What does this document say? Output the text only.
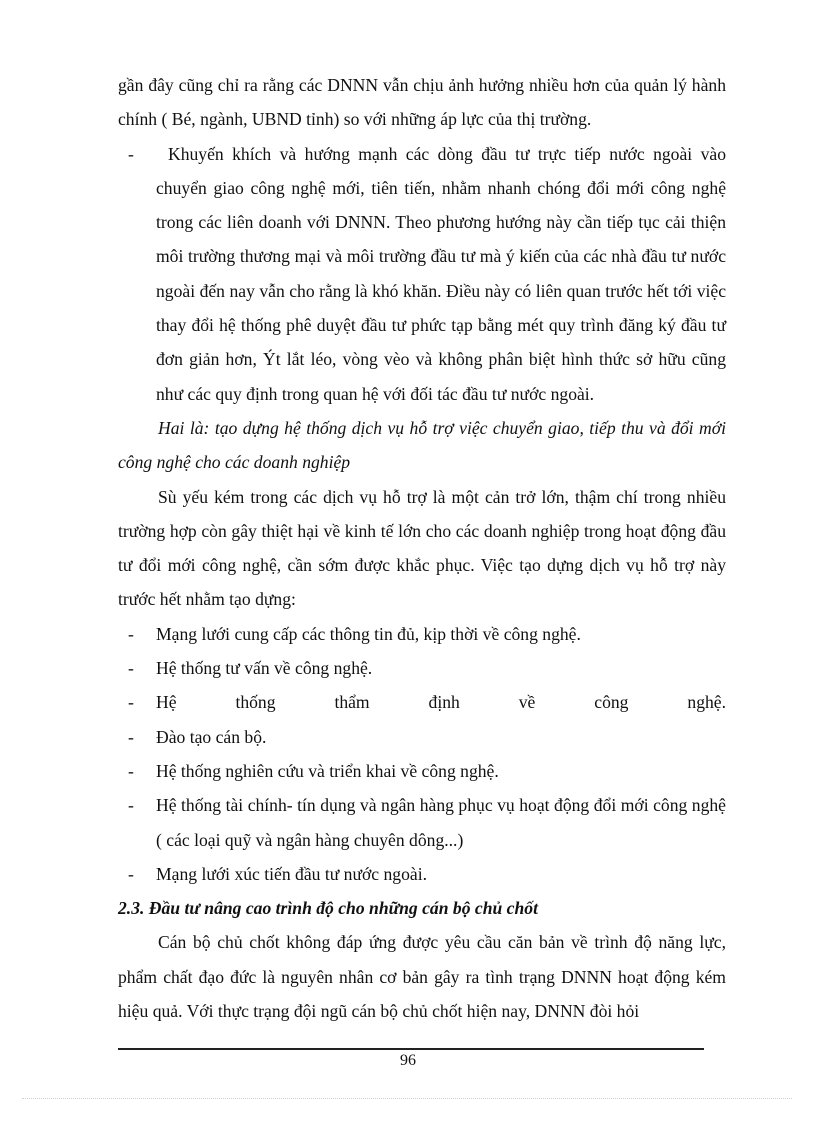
gần đây cũng chỉ ra rằng các DNNN vẫn chịu ảnh hưởng nhiều hơn của quản lý hành chính ( Bé, ngành, UBND tỉnh) so với những áp lực của thị trường.

-	Khuyến khích và hướng mạnh các dòng đầu tư trực tiếp nước ngoài vào chuyển giao công nghệ mới, tiên tiến, nhằm nhanh chóng đổi mới công nghệ trong các liên doanh với DNNN. Theo phương hướng này cần tiếp tục cải thiện môi trường thương mại và môi trường đầu tư mà ý kiến của các nhà đầu tư nước ngoài đến nay vẫn cho rằng là khó khăn. Điều này có liên quan trước hết tới việc thay đổi hệ thống phê duyệt đầu tư phức tạp bằng mét quy trình đăng ký đầu tư đơn giản hơn, Ýt lắt léo, vòng vèo và không phân biệt hình thức sở hữu cũng như các quy định trong quan hệ với đối tác đầu tư nước ngoài.

Hai là: tạo dựng hệ thống dịch vụ hỗ trợ việc chuyển giao, tiếp thu và đổi mới công nghệ cho các doanh nghiệp

Sù yếu kém trong các dịch vụ hỗ trợ là một cản trở lớn, thậm chí trong nhiều trường hợp còn gây thiệt hại về kinh tế lớn cho các doanh nghiệp trong hoạt động đầu tư đổi mới công nghệ, cần sớm được khắc phục. Việc tạo dựng dịch vụ hỗ trợ này trước hết nhằm tạo dựng:

-	Mạng lưới cung cấp các thông tin đủ, kịp thời về công nghệ.
-	Hệ thống tư vấn về công nghệ.
-	Hệ thống thẩm định về công nghệ.
-	Đào tạo cán bộ.
-	Hệ thống nghiên cứu và triển khai về công nghệ.
-	Hệ thống tài chính- tín dụng và ngân hàng phục vụ hoạt động đổi mới công nghệ ( các loại quỹ và ngân hàng chuyên dông...)
-	Mạng lưới xúc tiến đầu tư nước ngoài.

2.3. Đầu tư nâng cao trình độ cho những cán bộ chủ chốt

Cán bộ chủ chốt không đáp ứng được yêu cầu căn bản về trình độ năng lực, phẩm chất đạo đức là nguyên nhân cơ bản gây ra tình trạng DNNN hoạt động kém hiệu quả. Với thực trạng đội ngũ cán bộ chủ chốt hiện nay, DNNN đòi hỏi

96
